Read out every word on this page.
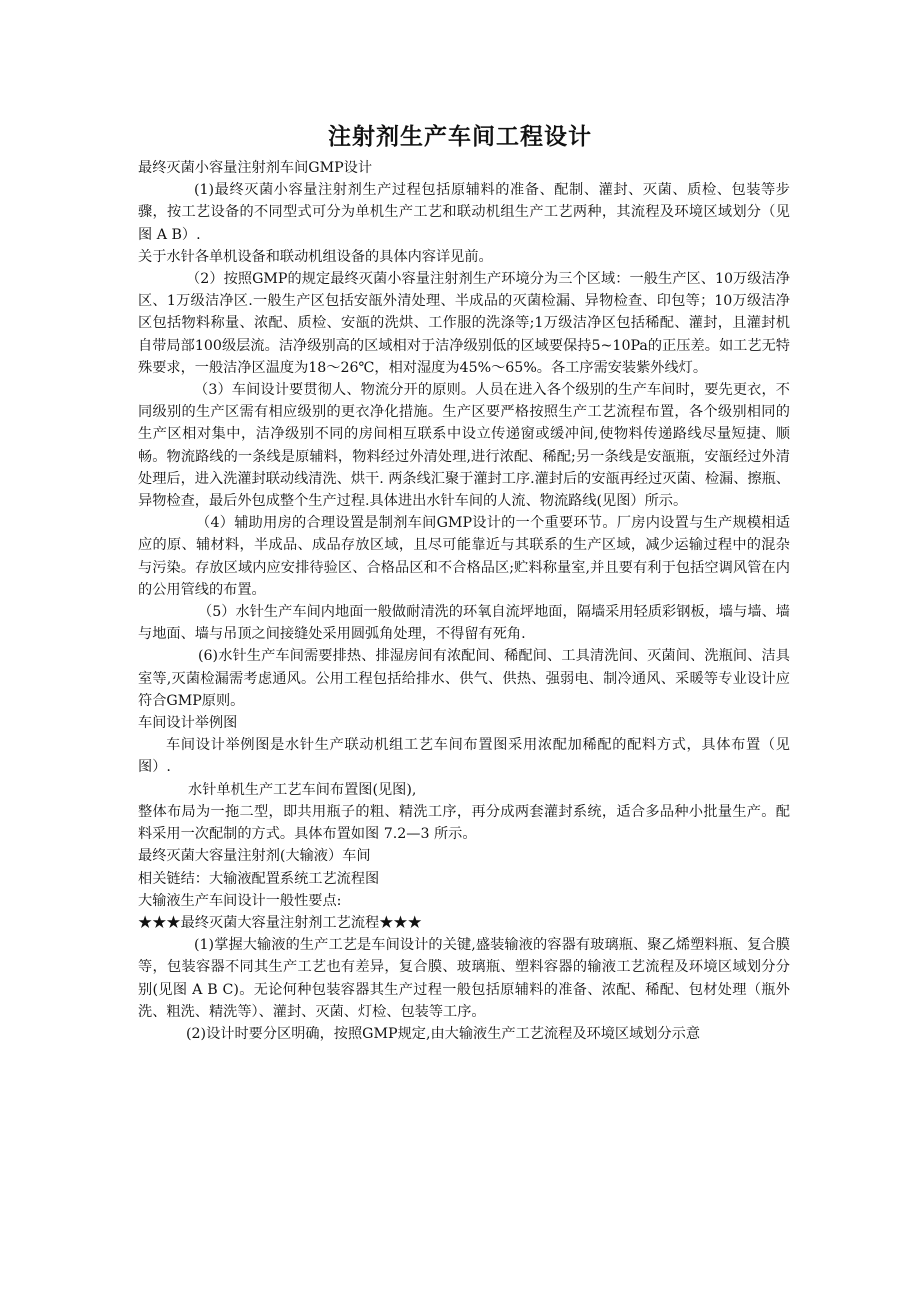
注射剂生产车间工程设计

最终灭菌小容量注射剂车间GMP设计

(1)最终灭菌小容量注射剂生产过程包括原辅料的准备、配制、灌封、灭菌、质检、包装等步骤，按工艺设备的不同型式可分为单机生产工艺和联动机组生产工艺两种，其流程及环境区域划分（见图 A B）.

关于水针各单机设备和联动机组设备的具体内容详见前。

（2）按照GMP的规定最终灭菌小容量注射剂生产环境分为三个区域：一般生产区、10万级洁净区、1万级洁净区.一般生产区包括安瓿外清处理、半成品的灭菌检漏、异物检查、印包等；10万级洁净区包括物料称量、浓配、质检、安瓿的洗烘、工作服的洗涤等;1万级洁净区包括稀配、灌封，且灌封机自带局部100级层流。洁净级别高的区域相对于洁净级别低的区域要保持5~10Pa的正压差。如工艺无特殊要求，一般洁净区温度为18～26℃，相对湿度为45%～65%。各工序需安装紫外线灯。

（3）车间设计要贯彻人、物流分开的原则。人员在进入各个级别的生产车间时，要先更衣，不同级别的生产区需有相应级别的更衣净化措施。生产区要严格按照生产工艺流程布置，各个级别相同的生产区相对集中，洁净级别不同的房间相互联系中设立传递窗或缓冲间,使物料传递路线尽量短捷、顺畅。物流路线的一条线是原辅料，物料经过外清处理,进行浓配、稀配;另一条线是安瓿瓶，安瓿经过外清处理后，进入洗灌封联动线清洗、烘干. 两条线汇聚于灌封工序.灌封后的安瓿再经过灭菌、检漏、擦瓶、异物检查，最后外包成整个生产过程.具体进出水针车间的人流、物流路线(见图）所示。

（4）辅助用房的合理设置是制剂车间GMP设计的一个重要环节。厂房内设置与生产规模相适应的原、辅材料，半成品、成品存放区域，且尽可能靠近与其联系的生产区域，减少运输过程中的混杂与污染。存放区域内应安排待验区、合格品区和不合格品区;贮料称量室,并且要有利于包括空调风管在内的公用管线的布置。

（5）水针生产车间内地面一般做耐清洗的环氧自流坪地面，隔墙采用轻质彩钢板，墙与墙、墙与地面、墙与吊顶之间接缝处采用圆弧角处理，不得留有死角.

(6)水针生产车间需要排热、排湿房间有浓配间、稀配间、工具清洗间、灭菌间、洗瓶间、洁具室等,灭菌检漏需考虑通风。公用工程包括给排水、供气、供热、强弱电、制冷通风、采暖等专业设计应符合GMP原则。

车间设计举例图

车间设计举例图是水针生产联动机组工艺车间布置图采用浓配加稀配的配料方式，具体布置（见图）.

水针单机生产工艺车间布置图(见图),

整体布局为一拖二型，即共用瓶子的粗、精洗工序，再分成两套灌封系统，适合多品种小批量生产。配料采用一次配制的方式。具体布置如图 7.2—3 所示。

最终灭菌大容量注射剂(大输液）车间

相关链结：大输液配置系统工艺流程图

大输液生产车间设计一般性要点:

★★★最终灭菌大容量注射剂工艺流程★★★

(1)掌握大输液的生产工艺是车间设计的关键,盛装输液的容器有玻璃瓶、聚乙烯塑料瓶、复合膜等，包装容器不同其生产工艺也有差异，复合膜、玻璃瓶、塑料容器的输液工艺流程及环境区域划分分别(见图 A B C)。无论何种包装容器其生产过程一般包括原辅料的准备、浓配、稀配、包材处理（瓶外洗、粗洗、精洗等）、灌封、灭菌、灯检、包装等工序。

(2)设计时要分区明确，按照GMP规定,由大输液生产工艺流程及环境区域划分示意
